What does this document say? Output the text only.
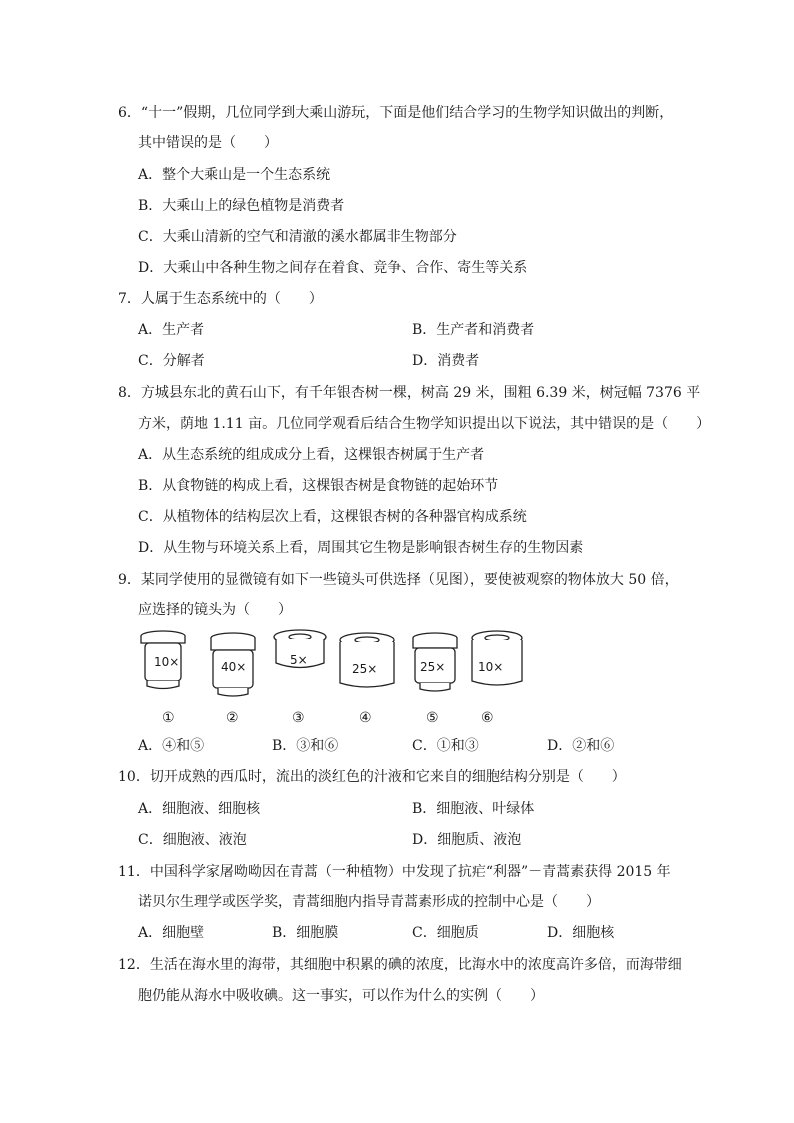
6．“十一”假期，几位同学到大乘山游玩，下面是他们结合学习的生物学知识做出的判断，
其中错误的是（　　）
A．整个大乘山是一个生态系统
B．大乘山上的绿色植物是消费者
C．大乘山清新的空气和清澈的溪水都属非生物部分
D．大乘山中各种生物之间存在着食、竞争、合作、寄生等关系
7．人属于生态系统中的（　　）
A．生产者	B．生产者和消费者
C．分解者	D．消费者
8．方城县东北的黄石山下，有千年银杏树一棵，树高 29 米，围粗 6.39 米，树冠幅 7376 平
方米，荫地 1.11 亩。几位同学观看后结合生物学知识提出以下说法，其中错误的是（　　）
A．从生态系统的组成成分上看，这棵银杏树属于生产者
B．从食物链的构成上看，这棵银杏树是食物链的起始环节
C．从植物体的结构层次上看，这棵银杏树的各种器官构成系统
D．从生物与环境关系上看，周围其它生物是影响银杏树生存的生物因素
9．某同学使用的显微镜有如下一些镜头可供选择（见图），要使被观察的物体放大 50 倍，
应选择的镜头为（　　）
10×	40×	5×
25×	25×	10×
①	②	③	④	⑤	⑥
A．④和⑤	B．③和⑥	C．①和③	D．②和⑥
10．切开成熟的西瓜时，流出的淡红色的汁液和它来自的细胞结构分别是（　　）
A．细胞液、细胞核	B．细胞液、叶绿体
C．细胞液、液泡	D．细胞质、液泡
11．中国科学家屠呦呦因在青蒿（一种植物）中发现了抗疟“利器”－青蒿素获得 2015 年
诺贝尔生理学或医学奖，青蒿细胞内指导青蒿素形成的控制中心是（　　）
A．细胞壁	B．细胞膜	C．细胞质	D．细胞核
12．生活在海水里的海带，其细胞中积累的碘的浓度，比海水中的浓度高许多倍，而海带细
胞仍能从海水中吸收碘。这一事实，可以作为什么的实例（　　）
